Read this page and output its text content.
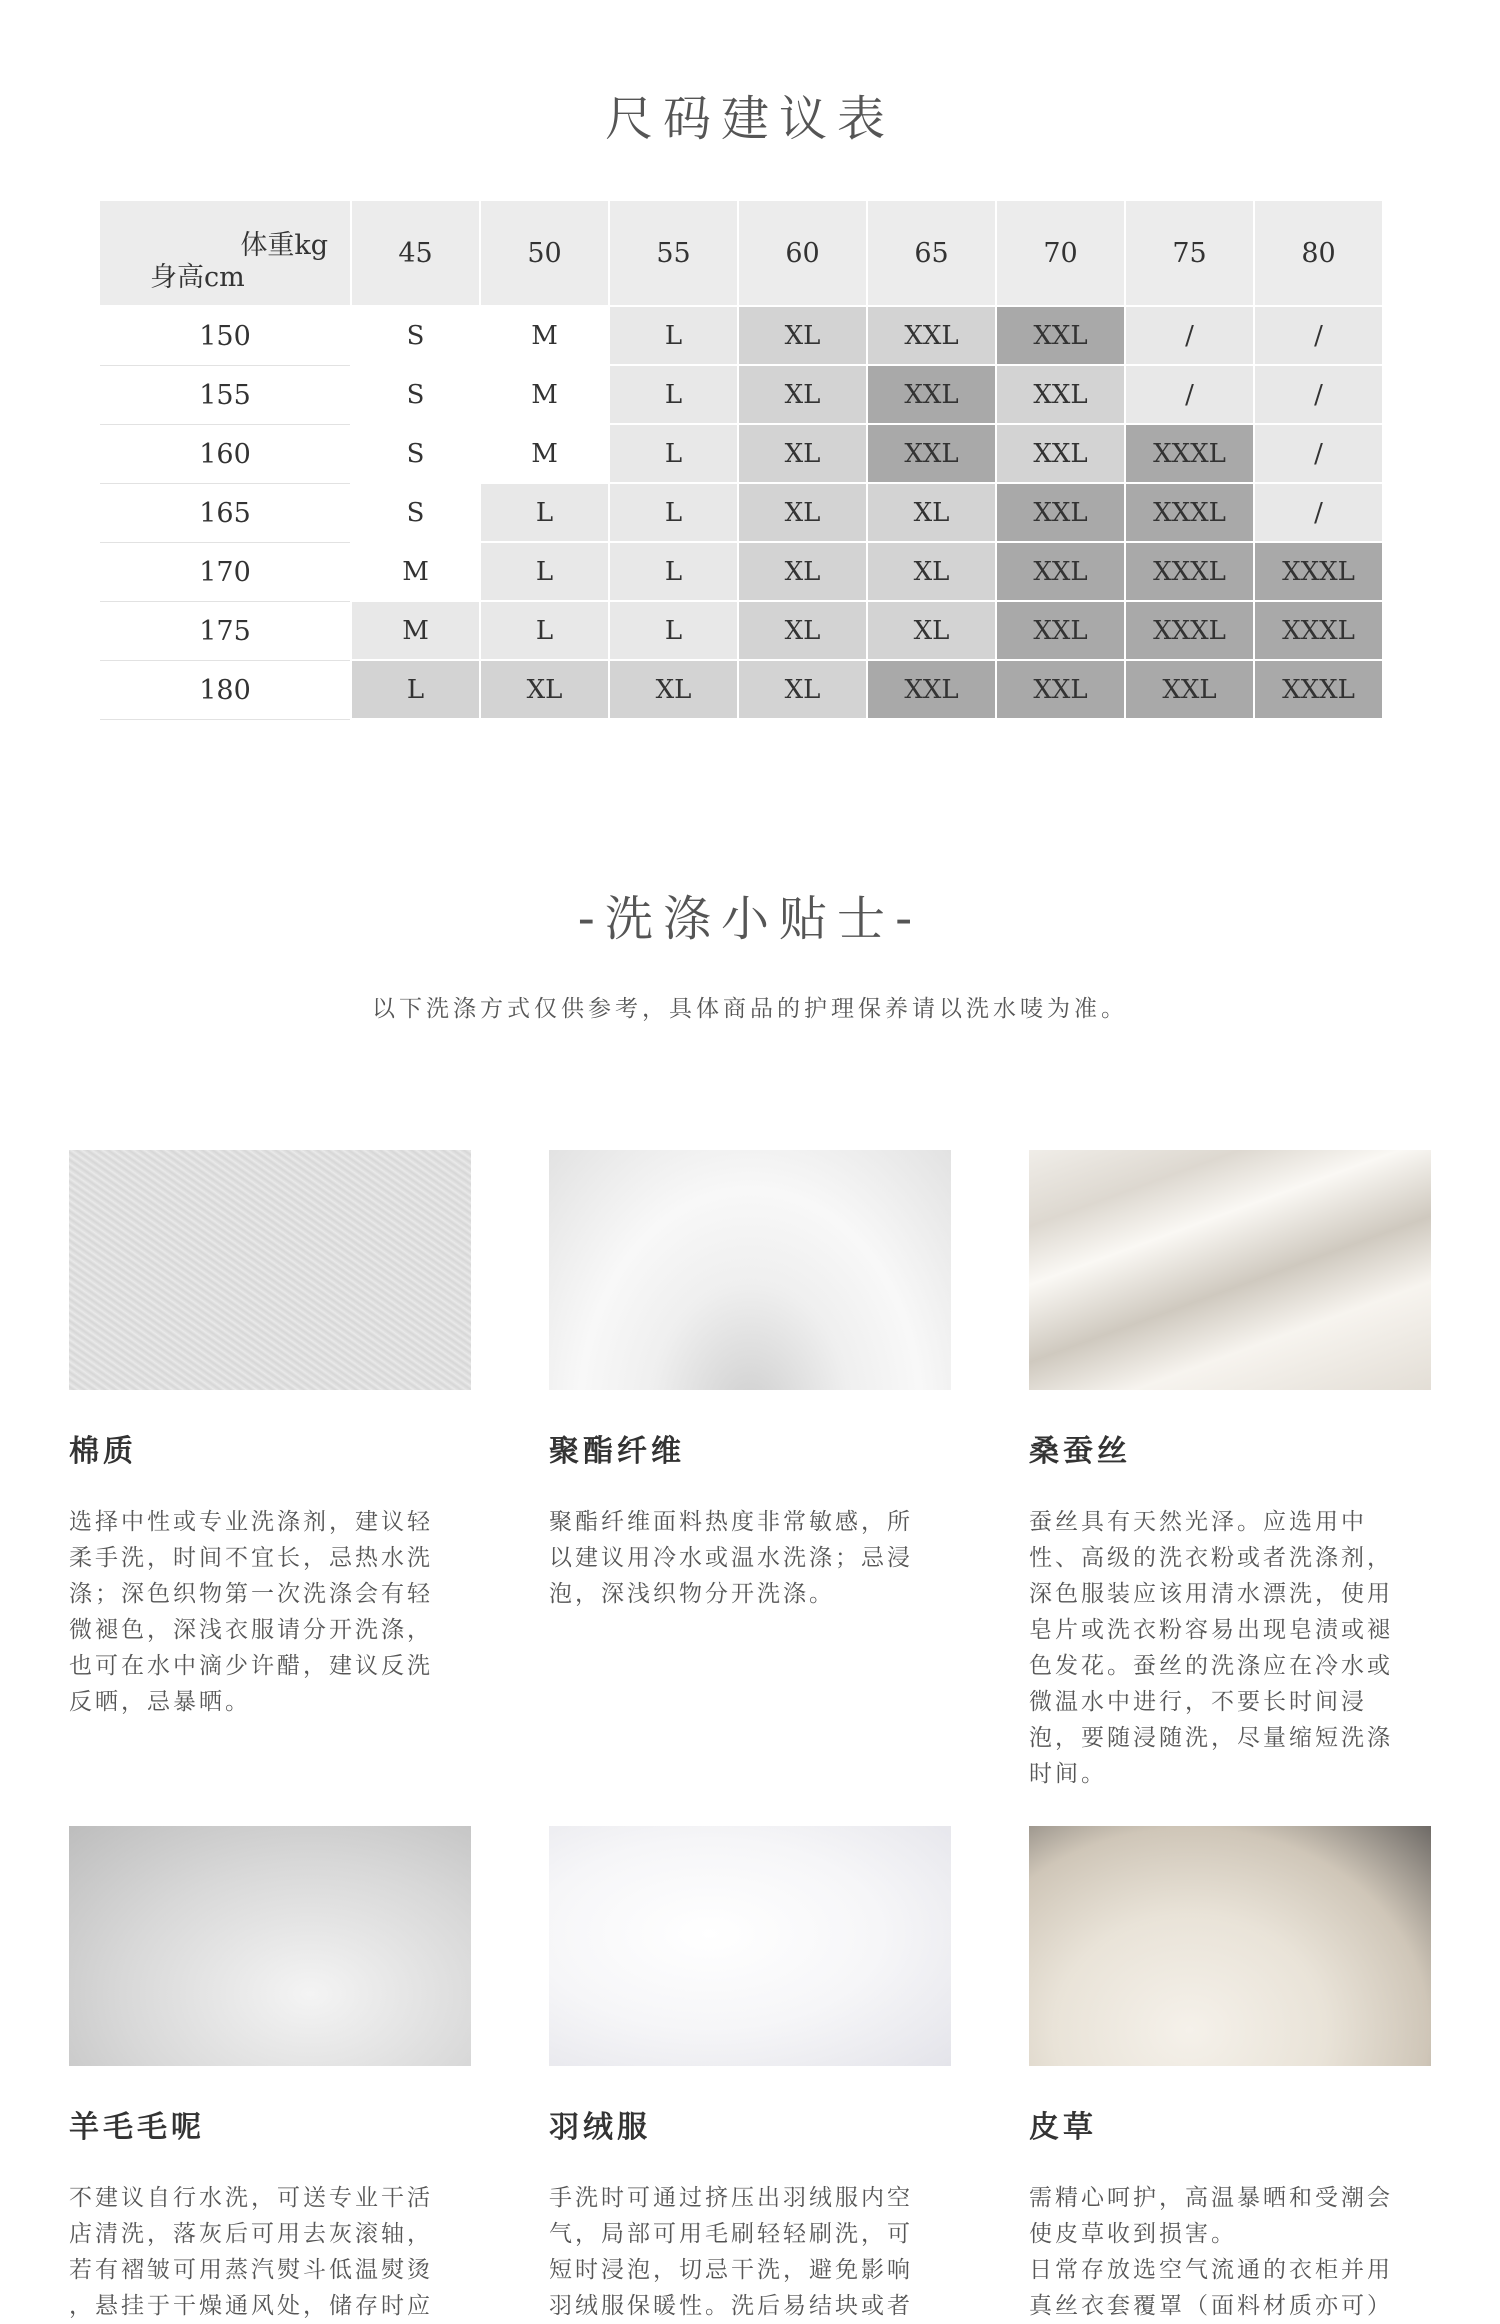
尺码建议表
体重kg
身高cm	45	50	55	60	65	70	75	80
150	S	M	L	XL	XXL	XXL	/	/
155	S	M	L	XL	XXL	XXL	/	/
160	S	M	L	XL	XXL	XXL	XXXL	/
165	S	L	L	XL	XL	XXL	XXXL	/
170	M	L	L	XL	XL	XXL	XXXL	XXXL
175	M	L	L	XL	XL	XXL	XXXL	XXXL
180	L	XL	XL	XL	XXL	XXL	XXL	XXXL
-洗涤小贴士-
以下洗涤方式仅供参考，具体商品的护理保养请以洗水唛为准。
棉质

选择中性或专业洗涤剂，建议轻
柔手洗，时间不宜长，忌热水洗
涤；深色织物第一次洗涤会有轻
微褪色，深浅衣服请分开洗涤，
也可在水中滴少许醋，建议反洗
反晒，忌暴晒。

聚酯纤维

聚酯纤维面料热度非常敏感，所
以建议用冷水或温水洗涤；忌浸
泡，深浅织物分开洗涤。

桑蚕丝

蚕丝具有天然光泽。应选用中
性、高级的洗衣粉或者洗涤剂，
深色服装应该用清水漂洗，使用
皂片或洗衣粉容易出现皂渍或褪
色发花。蚕丝的洗涤应在冷水或
微温水中进行，不要长时间浸
泡，要随浸随洗，尽量缩短洗涤
时间。

羊毛毛呢

不建议自行水洗，可送专业干活
店清洗，落灰后可用去灰滚轴，
若有褶皱可用蒸汽熨斗低温熨烫
，悬挂于干燥通风处，储存时应

羽绒服

手洗时可通过挤压出羽绒服内空
气，局部可用毛刷轻轻刷洗，可
短时浸泡，切忌干洗，避免影响
羽绒服保暖性。洗后易结块或者

皮草

需精心呵护，高温暴晒和受潮会
使皮草收到损害。
日常存放选空气流通的衣柜并用
真丝衣套覆罩（面料材质亦可）
